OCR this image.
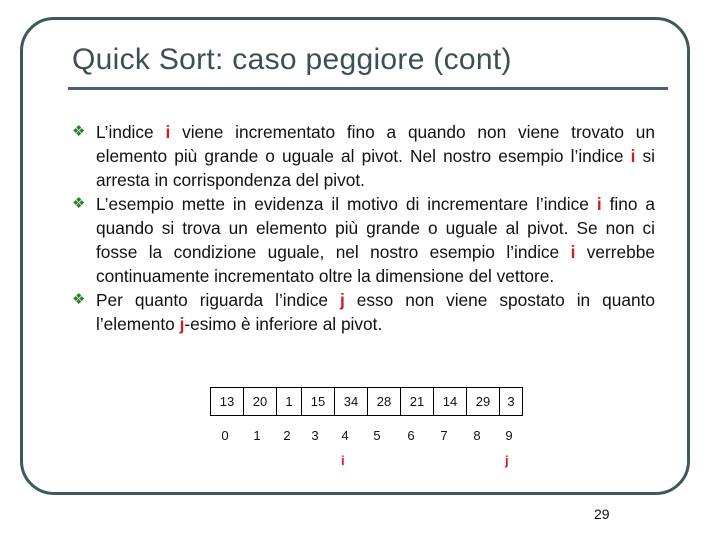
Quick Sort: caso peggiore (cont)
❖ L’indice i viene incrementato fino a quando non viene trovato un elemento più grande o uguale al pivot. Nel nostro esempio l’indice i si arresta in corrispondenza del pivot.
❖ L’esempio mette in evidenza il motivo di incrementare l’indice i fino a quando si trova un elemento più grande o uguale al pivot. Se non ci fosse la condizione uguale, nel nostro esempio l’indice i verrebbe continuamente incrementato oltre la dimensione del vettore.
❖ Per quanto riguarda l’indice j esso non viene spostato in quanto l’elemento j-esimo è inferiore al pivot.
13	20	1	15	34	28	21	14	29	3
0	1	2	3	4	5	6	7	8	9
i	j
29
